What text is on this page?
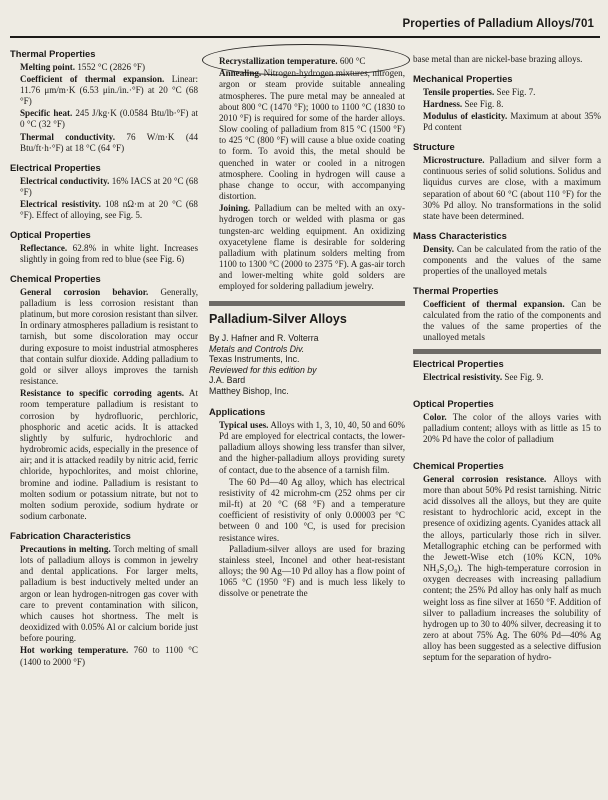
Properties of Palladium Alloys/701
Thermal Properties
Melting point. 1552 °C (2826 °F)
Coefficient of thermal expansion. Linear: 11.76 μm/m·K (6.53 μin./in.·°F) at 20 °C (68 °F)
Specific heat. 245 J/kg·K (0.0584 Btu/lb·°F) at 0 °C (32 °F)
Thermal conductivity. 76 W/m·K (44 Btu/ft·h·°F) at 18 °C (64 °F)
Electrical Properties
Electrical conductivity. 16% IACS at 20 °C (68 °F)
Electrical resistivity. 108 nΩ·m at 20 °C (68 °F). Effect of alloying, see Fig. 5.
Optical Properties
Reflectance. 62.8% in white light. Increases slightly in going from red to blue (see Fig. 6)
Chemical Properties
General corrosion behavior. Generally, palladium is less corrosion resistant than platinum, but more corosion resistant than silver. In ordinary atmospheres palladium is resistant to tarnish, but some discoloration may occur during exposure to moist industrial atmospheres that contain sulfur dioxide. Adding palladium to gold or silver alloys improves the tarnish resistance.
Resistance to specific corroding agents. At room temperature palladium is resistant to corrosion by hydrofluoric, perchloric, phosphoric and acetic acids. It is attacked slightly by sulfuric, hydrochloric and hydrobromic acids, especially in the presence of air; and it is attacked readily by nitric acid, ferric chloride, hypochlorites, and moist chlorine, bromine and iodine. Palladium is resistant to molten sodium or potassium nitrate, but not to molten sodium peroxide, sodium hydrate or sodium carbonate.
Fabrication Characteristics
Precautions in melting. Torch melting of small lots of palladium alloys is common in jewelry and dental applications. For larger melts, palladium is best inductively melted under an argon or lean hydrogen-nitrogen gas cover with care to prevent contamination with silicon, which causes hot shortness. The melt is deoxidized with 0.05% Al or calcium boride just before pouring.
Hot working temperature. 760 to 1100 °C (1400 to 2000 °F)
Recrystallization temperature. 600 °C
Annealing. Nitrogen-hydrogen mixtures, nitrogen, argon or steam provide suitable annealing atmospheres. The pure metal may be annealed at about 800 °C (1470 °F); 1000 to 1100 °C (1830 to 2010 °F) is required for some of the harder alloys. Slow cooling of palladium from 815 °C (1500 °F) to 425 °C (800 °F) will cause a blue oxide coating to form. To avoid this, the metal should be quenched in water or cooled in a nitrogen atmosphere. Cooling in hydrogen will cause a phase change to occur, with accompanying distortion.
Joining. Palladium can be melted with an oxy-hydrogen torch or welded with plasma or gas tungsten-arc welding equipment. An oxidizing oxyacetylene flame is desirable for soldering palladium with platinum solders melting from 1100 to 1300 °C (2000 to 2375 °F). A gas-air torch and lower-melting white gold solders are employed for soldering palladium jewelry.
Palladium-Silver Alloys
By J. Hafner and R. Volterra
Metals and Controls Div.
Texas Instruments, Inc.
Reviewed for this edition by
J.A. Bard
Matthey Bishop, Inc.
Applications
Typical uses. Alloys with 1, 3, 10, 40, 50 and 60% Pd are employed for electrical contacts, the lower-palladium alloys showing less transfer than silver, and the higher-palladium alloys providing surety of contact, due to the absence of a tarnish film.
The 60 Pd—40 Ag alloy, which has electrical resistivity of 42 microhm-cm (252 ohms per cir mil-ft) at 20 °C (68 °F) and a temperature coefficient of resistivity of only 0.00003 per °C between 0 and 100 °C, is used for precision resistance wires.
Palladium-silver alloys are used for brazing stainless steel, Inconel and other heat-resistant alloys; the 90 Ag—10 Pd alloy has a flow point of 1065 °C (1950 °F) and is much less likely to dissolve or penetrate the
base metal than are nickel-base brazing alloys.
Mechanical Properties
Tensile properties. See Fig. 7.
Hardness. See Fig. 8.
Modulus of elasticity. Maximum at about 35% Pd content
Structure
Microstructure. Palladium and silver form a continuous series of solid solutions. Solidus and liquidus curves are close, with a maximum separation of about 60 °C (about 110 °F) for the 30% Pd alloy. No transformations in the solid state have been determined.
Mass Characteristics
Density. Can be calculated from the ratio of the components and the values of the same properties of the unalloyed metals
Thermal Properties
Coefficient of thermal expansion. Can be calculated from the ratio of the components and the values of the same properties of the unalloyed metals
Electrical Properties
Electrical resistivity. See Fig. 9.
Optical Properties
Color. The color of the alloys varies with palladium content; alloys with as little as 15 to 20% Pd have the color of palladium
Chemical Properties
General corrosion resistance. Alloys with more than about 50% Pd resist tarnishing. Nitric acid dissolves all the alloys, but they are quite resistant to hydrochloric acid, except in the presence of oxidizing agents. Cyanides attack all the alloys, particularly those rich in silver. Metallographic etching can be performed with the Jewett-Wise etch (10% KCN, 10% NH₄S₂O₈). The high-temperature corrosion in oxygen decreases with increasing palladium content; the 25% Pd alloy has only half as much weight loss as fine silver at 1650 °F. Addition of silver to palladium increases the solubility of hydrogen up to 30 to 40% silver, decreasing it to zero at about 75% Ag. The 60% Pd—40% Ag alloy has been suggested as a selective diffusion septum for the separation of hydro-
